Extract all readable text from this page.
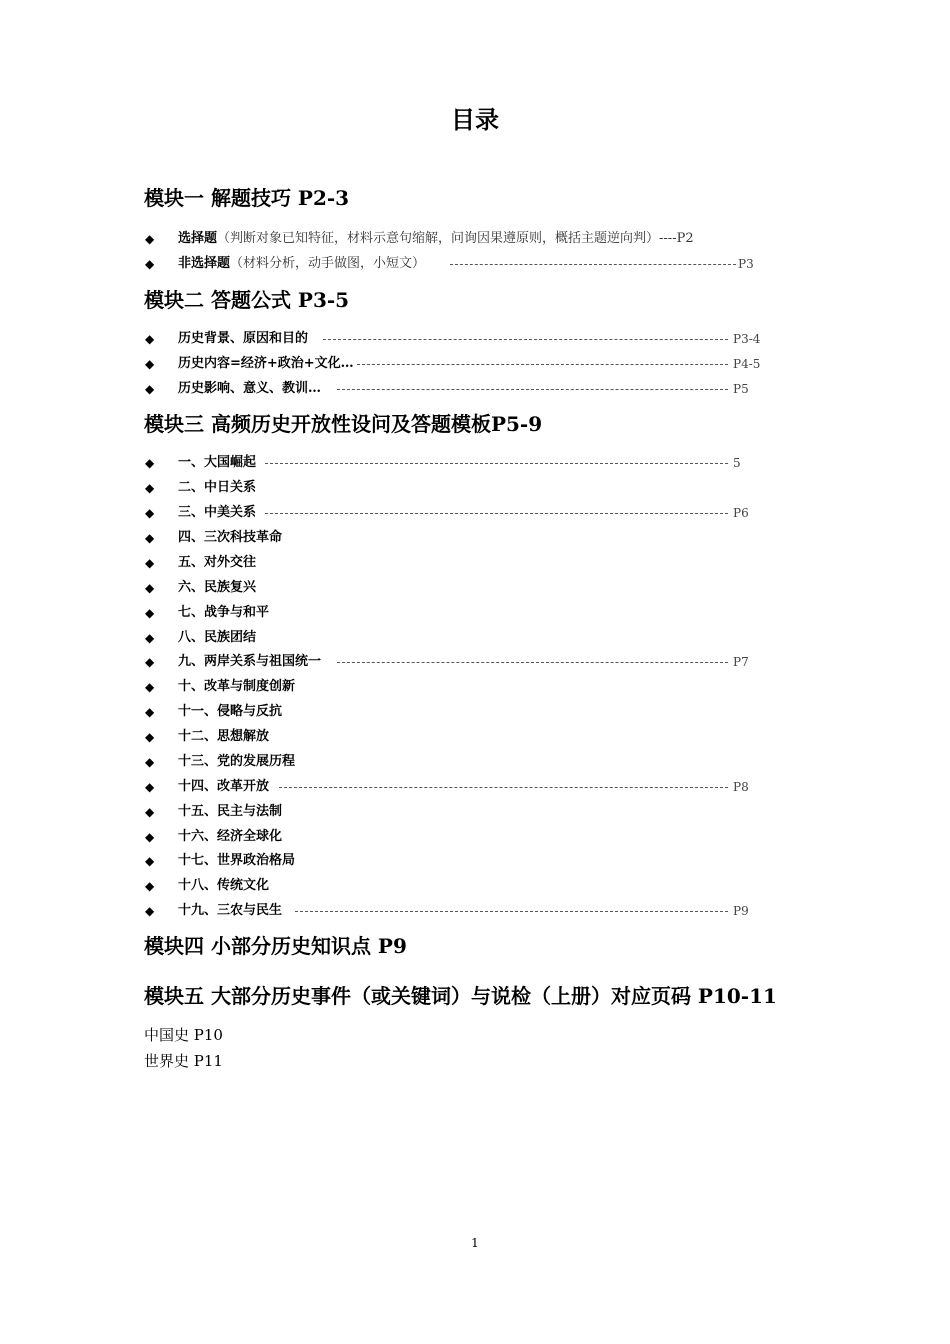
目录
模块一 解题技巧 P2-3
◆ 选择题（判断对象已知特征，材料示意句缩解，问询因果遵原则，概括主题逆向判）----P2
◆ 非选择题（材料分析，动手做图，小短文）	P3
模块二 答题公式 P3-5
◆ 历史背景、原因和目的	P3-4
◆ 历史内容=经济+政治+文化…	P4-5
◆ 历史影响、意义、教训…	P5
模块三 高频历史开放性设问及答题模板P5-9
◆ 一、大国崛起	5
◆ 二、中日关系
◆ 三、中美关系	P6
◆ 四、三次科技革命
◆ 五、对外交往
◆ 六、民族复兴
◆ 七、战争与和平
◆ 八、民族团结
◆ 九、两岸关系与祖国统一	P7
◆ 十、改革与制度创新
◆ 十一、侵略与反抗
◆ 十二、思想解放
◆ 十三、党的发展历程
◆ 十四、改革开放	P8
◆ 十五、民主与法制
◆ 十六、经济全球化
◆ 十七、世界政治格局
◆ 十八、传统文化
◆ 十九、三农与民生	P9
模块四 小部分历史知识点 P9
模块五 大部分历史事件（或关键词）与说检（上册）对应页码 P10-11

中国史 P10

世界史 P11

1
